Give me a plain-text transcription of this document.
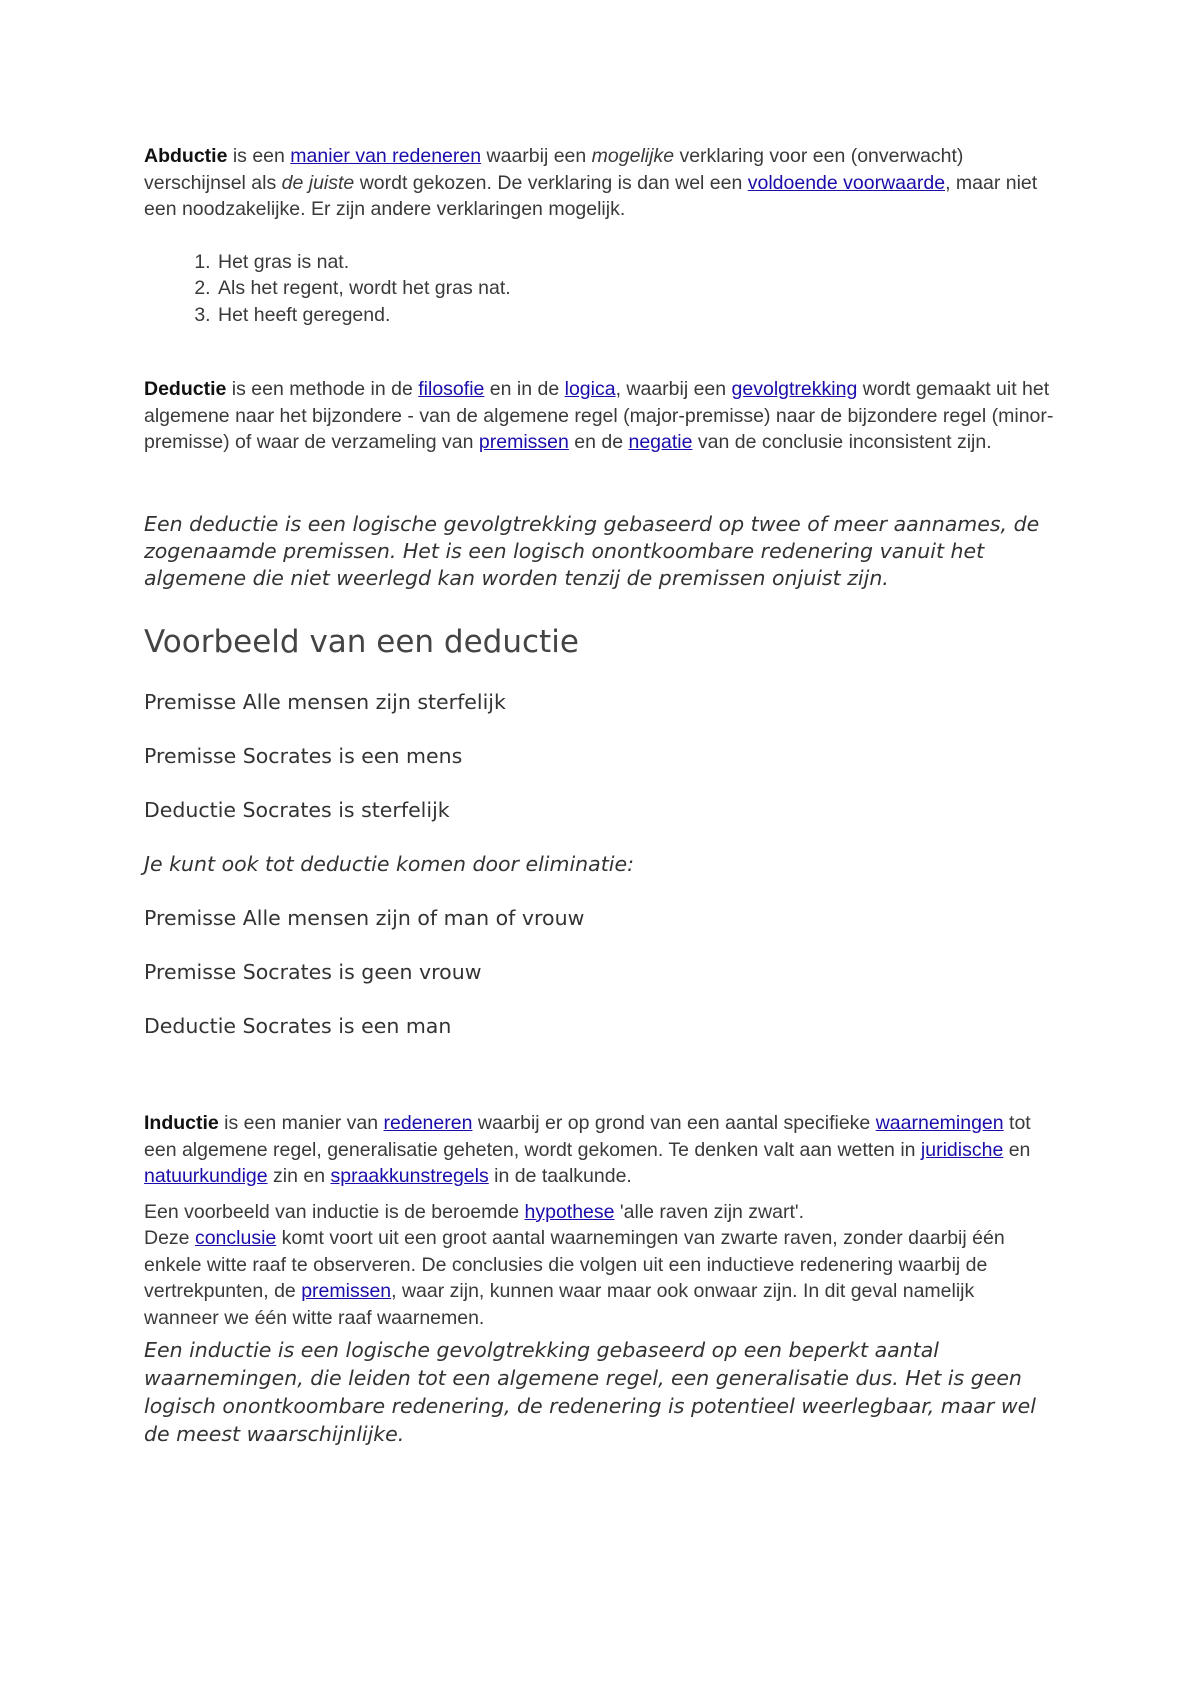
Abductie is een manier van redeneren waarbij een mogelijke verklaring voor een (onverwacht) verschijnsel als de juiste wordt gekozen. De verklaring is dan wel een voldoende voorwaarde, maar niet een noodzakelijke. Er zijn andere verklaringen mogelijk.

1. Het gras is nat.
2. Als het regent, wordt het gras nat.
3. Het heeft geregend.

Deductie is een methode in de filosofie en in de logica, waarbij een gevolgtrekking wordt gemaakt uit het algemene naar het bijzondere - van de algemene regel (major-premisse) naar de bijzondere regel (minor-premisse) of waar de verzameling van premissen en de negatie van de conclusie inconsistent zijn.

Een deductie is een logische gevolgtrekking gebaseerd op twee of meer aannames, de zogenaamde premissen. Het is een logisch onontkoombare redenering vanuit het algemene die niet weerlegd kan worden tenzij de premissen onjuist zijn.

Voorbeeld van een deductie

Premisse Alle mensen zijn sterfelijk

Premisse Socrates is een mens

Deductie Socrates is sterfelijk

Je kunt ook tot deductie komen door eliminatie:

Premisse Alle mensen zijn of man of vrouw

Premisse Socrates is geen vrouw

Deductie Socrates is een man

Inductie is een manier van redeneren waarbij er op grond van een aantal specifieke waarnemingen tot een algemene regel, generalisatie geheten, wordt gekomen. Te denken valt aan wetten in juridische en natuurkundige zin en spraakkunstregels in de taalkunde.

Een voorbeeld van inductie is de beroemde hypothese 'alle raven zijn zwart'.
Deze conclusie komt voort uit een groot aantal waarnemingen van zwarte raven, zonder daarbij één enkele witte raaf te observeren. De conclusies die volgen uit een inductieve redenering waarbij de vertrekpunten, de premissen, waar zijn, kunnen waar maar ook onwaar zijn. In dit geval namelijk wanneer we één witte raaf waarnemen.

Een inductie is een logische gevolgtrekking gebaseerd op een beperkt aantal waarnemingen, die leiden tot een algemene regel, een generalisatie dus. Het is geen logisch onontkoombare redenering, de redenering is potentieel weerlegbaar, maar wel de meest waarschijnlijke.
